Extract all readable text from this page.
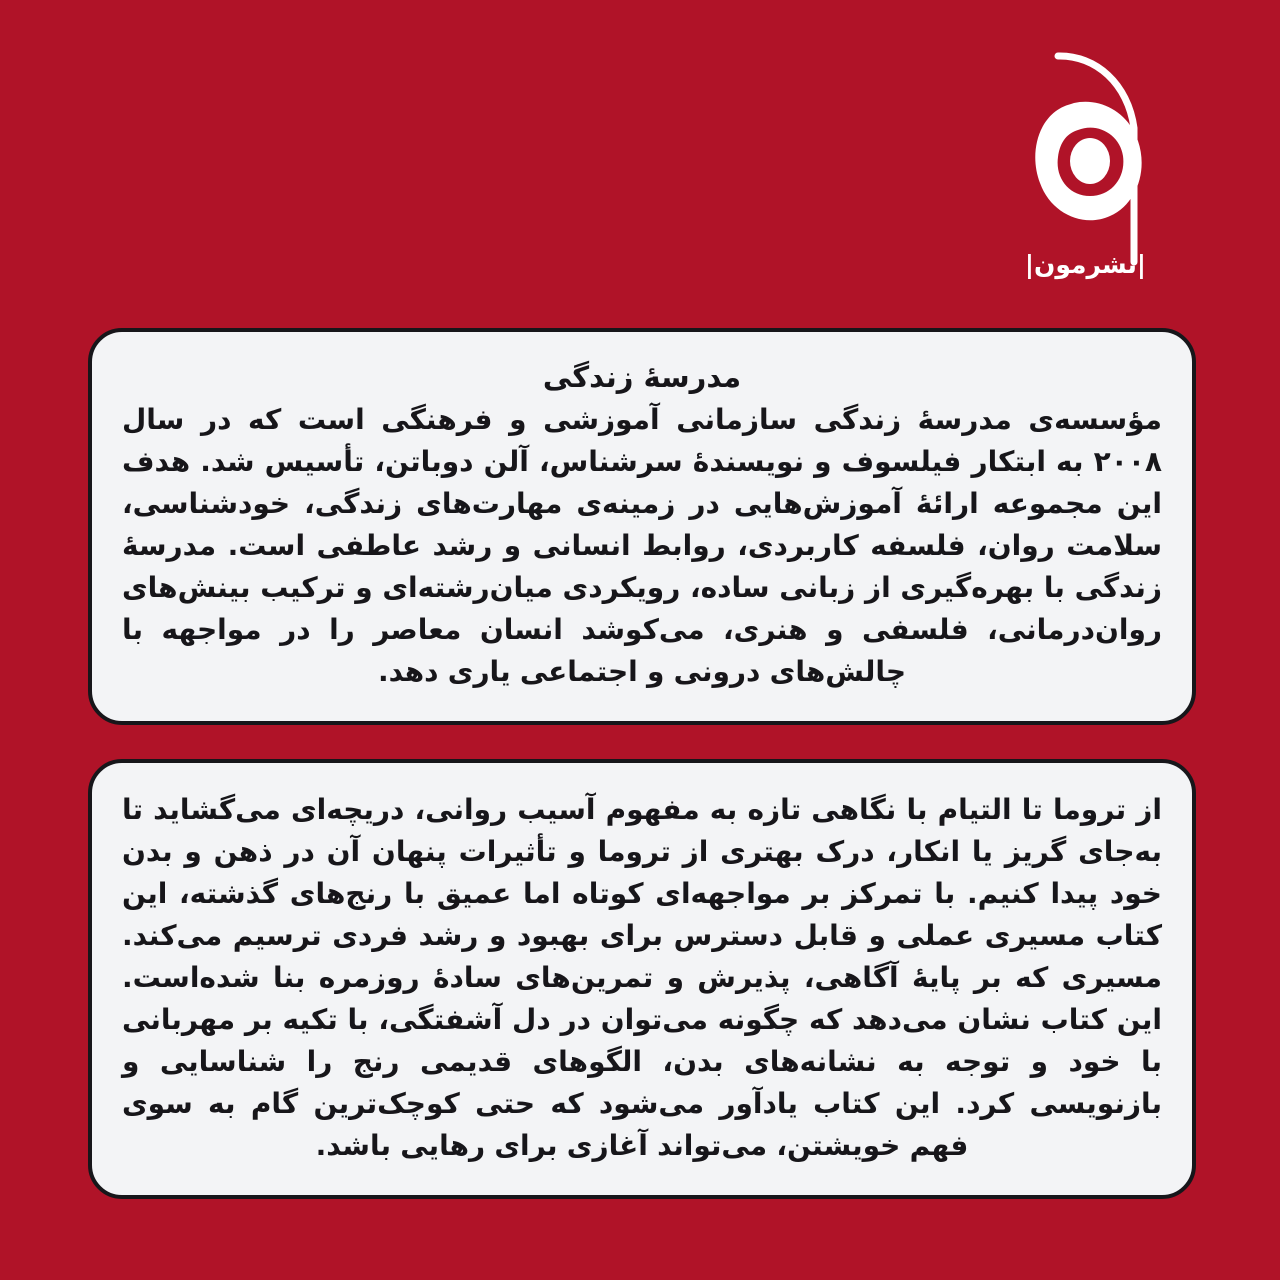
|نشرمون|
مدرسهٔ زندگی

مؤسسه‌ی مدرسهٔ زندگی سازمانی آموزشی و فرهنگی است که در سال ۲۰۰۸ به ابتکار فیلسوف و نویسندهٔ سرشناس، آلن دوباتن، تأسیس شد. هدف این مجموعه ارائهٔ آموزش‌هایی در زمینه‌ی مهارت‌های زندگی، خودشناسی، سلامت روان، فلسفه کاربردی، روابط انسانی و رشد عاطفی است. مدرسهٔ زندگی با بهره‌گیری از زبانی ساده، رویکردی میان‌رشته‌ای و ترکیب بینش‌های روان‌درمانی، فلسفی و هنری، می‌کوشد انسان معاصر را در مواجهه با چالش‌های درونی و اجتماعی یاری دهد.

از تروما تا التیام با نگاهی تازه به مفهوم آسیب روانی، دریچه‌ای می‌گشاید تا به‌جای گریز یا انکار، درک بهتری از تروما و تأثیرات پنهان آن در ذهن و بدن خود پیدا کنیم. با تمرکز بر مواجهه‌ای کوتاه اما عمیق با رنج‌های گذشته، این کتاب مسیری عملی و قابل دسترس برای بهبود و رشد فردی ترسیم می‌کند. مسیری که بر پایهٔ آگاهی، پذیرش و تمرین‌های سادهٔ روزمره بنا شده‌است. این کتاب نشان می‌دهد که چگونه می‌توان در دل آشفتگی، با تکیه بر مهربانی با خود و توجه به نشانه‌های بدن، الگوهای قدیمی رنج را شناسایی و بازنویسی کرد. این کتاب یادآور می‌شود که حتی کوچک‌ترین گام به سوی فهم خویشتن، می‌تواند آغازی برای رهایی باشد.
